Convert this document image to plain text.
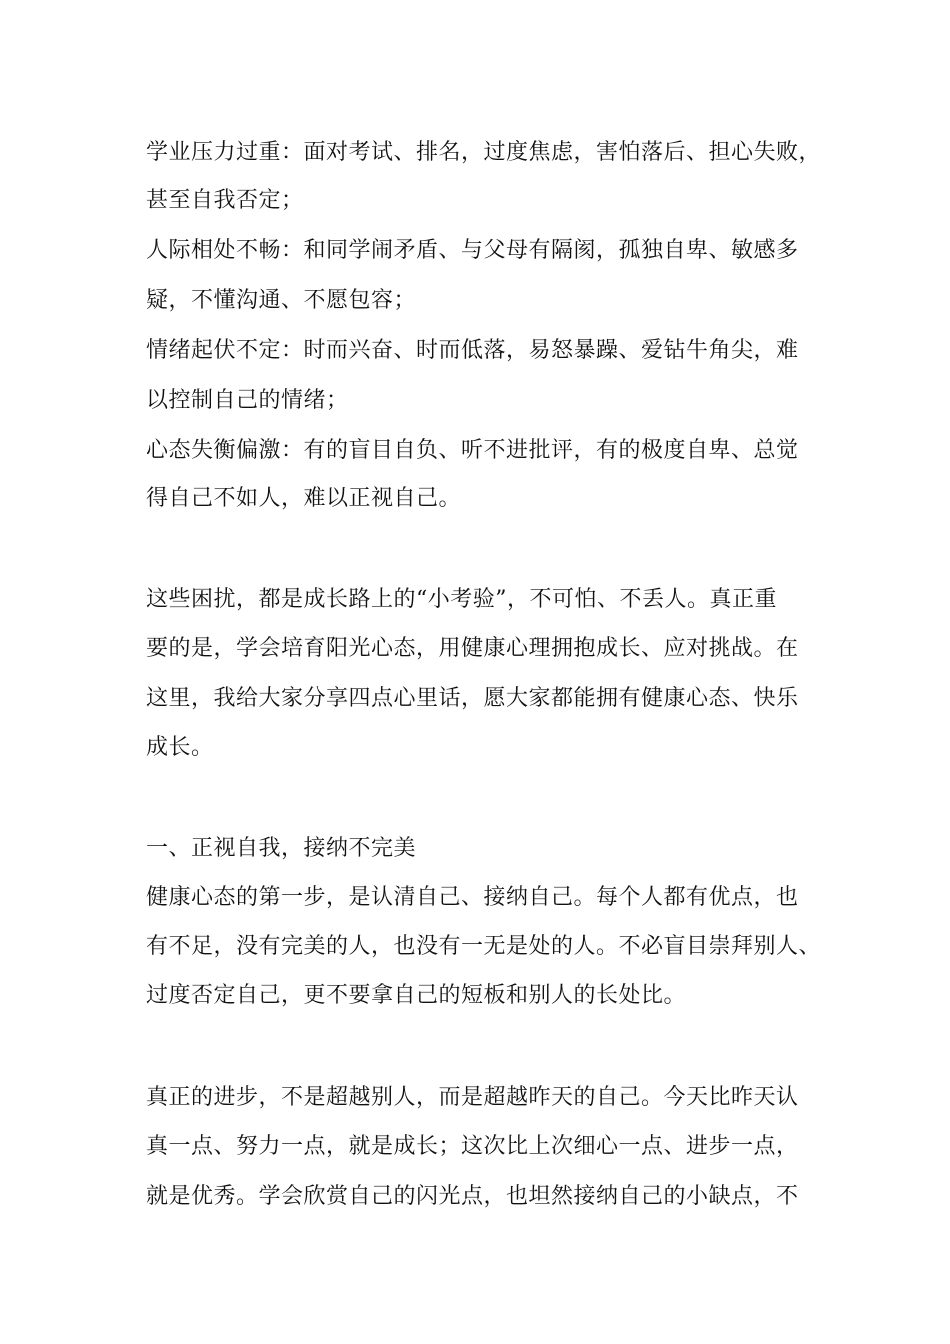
学业压力过重：面对考试、排名，过度焦虑，害怕落后、担心失败，
甚至自我否定；
人际相处不畅：和同学闹矛盾、与父母有隔阂，孤独自卑、敏感多
疑，不懂沟通、不愿包容；
情绪起伏不定：时而兴奋、时而低落，易怒暴躁、爱钻牛角尖，难
以控制自己的情绪；
心态失衡偏激：有的盲目自负、听不进批评，有的极度自卑、总觉
得自己不如人，难以正视自己。
这些困扰，都是成长路上的“小考验”，不可怕、不丢人。真正重
要的是，学会培育阳光心态，用健康心理拥抱成长、应对挑战。在
这里，我给大家分享四点心里话，愿大家都能拥有健康心态、快乐
成长。
一、正视自我，接纳不完美
健康心态的第一步，是认清自己、接纳自己。每个人都有优点，也
有不足，没有完美的人，也没有一无是处的人。不必盲目崇拜别人、
过度否定自己，更不要拿自己的短板和别人的长处比。
真正的进步，不是超越别人，而是超越昨天的自己。今天比昨天认
真一点、努力一点，就是成长；这次比上次细心一点、进步一点，
就是优秀。学会欣赏自己的闪光点，也坦然接纳自己的小缺点，不
